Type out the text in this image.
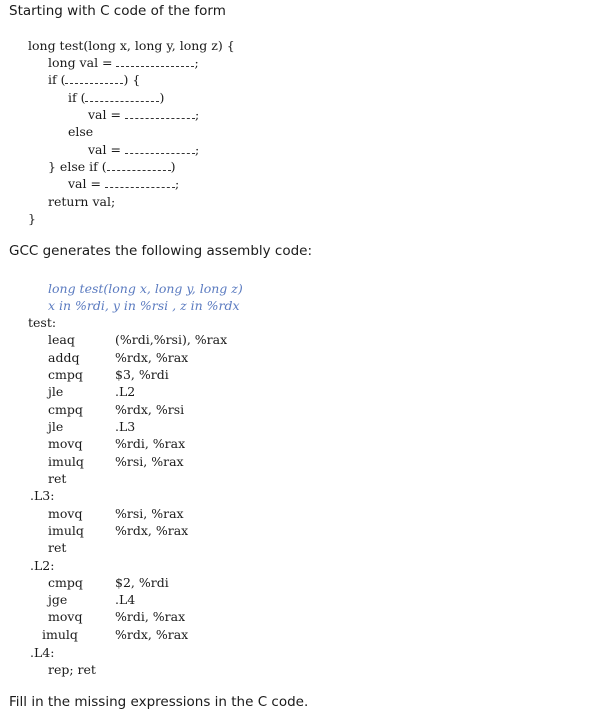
Starting with C code of the form
long test(long x, long y, long z) {
long val =	;
if (	) {
if (	)
val =	;
else
val =	;
} else if (	)
val =	;
return val;
}
GCC generates the following assembly code:
long test(long x, long y, long z)
x in %rdi, y in %rsi , z in %rdx
test:
leaq	(%rdi,%rsi), %rax
addq	%rdx, %rax
cmpq	$3, %rdi
jle	.L2
cmpq	%rdx, %rsi
jle	.L3
movq	%rdi, %rax
imulq %rsi, %rax
ret
.L3:
movq	%rsi, %rax
imulq %rdx, %rax
ret
.L2:
cmpq	$2, %rdi
jge	.L4
movq	%rdi, %rax
imulq	%rdx, %rax
.L4:
rep; ret
Fill in the missing expressions in the C code.
